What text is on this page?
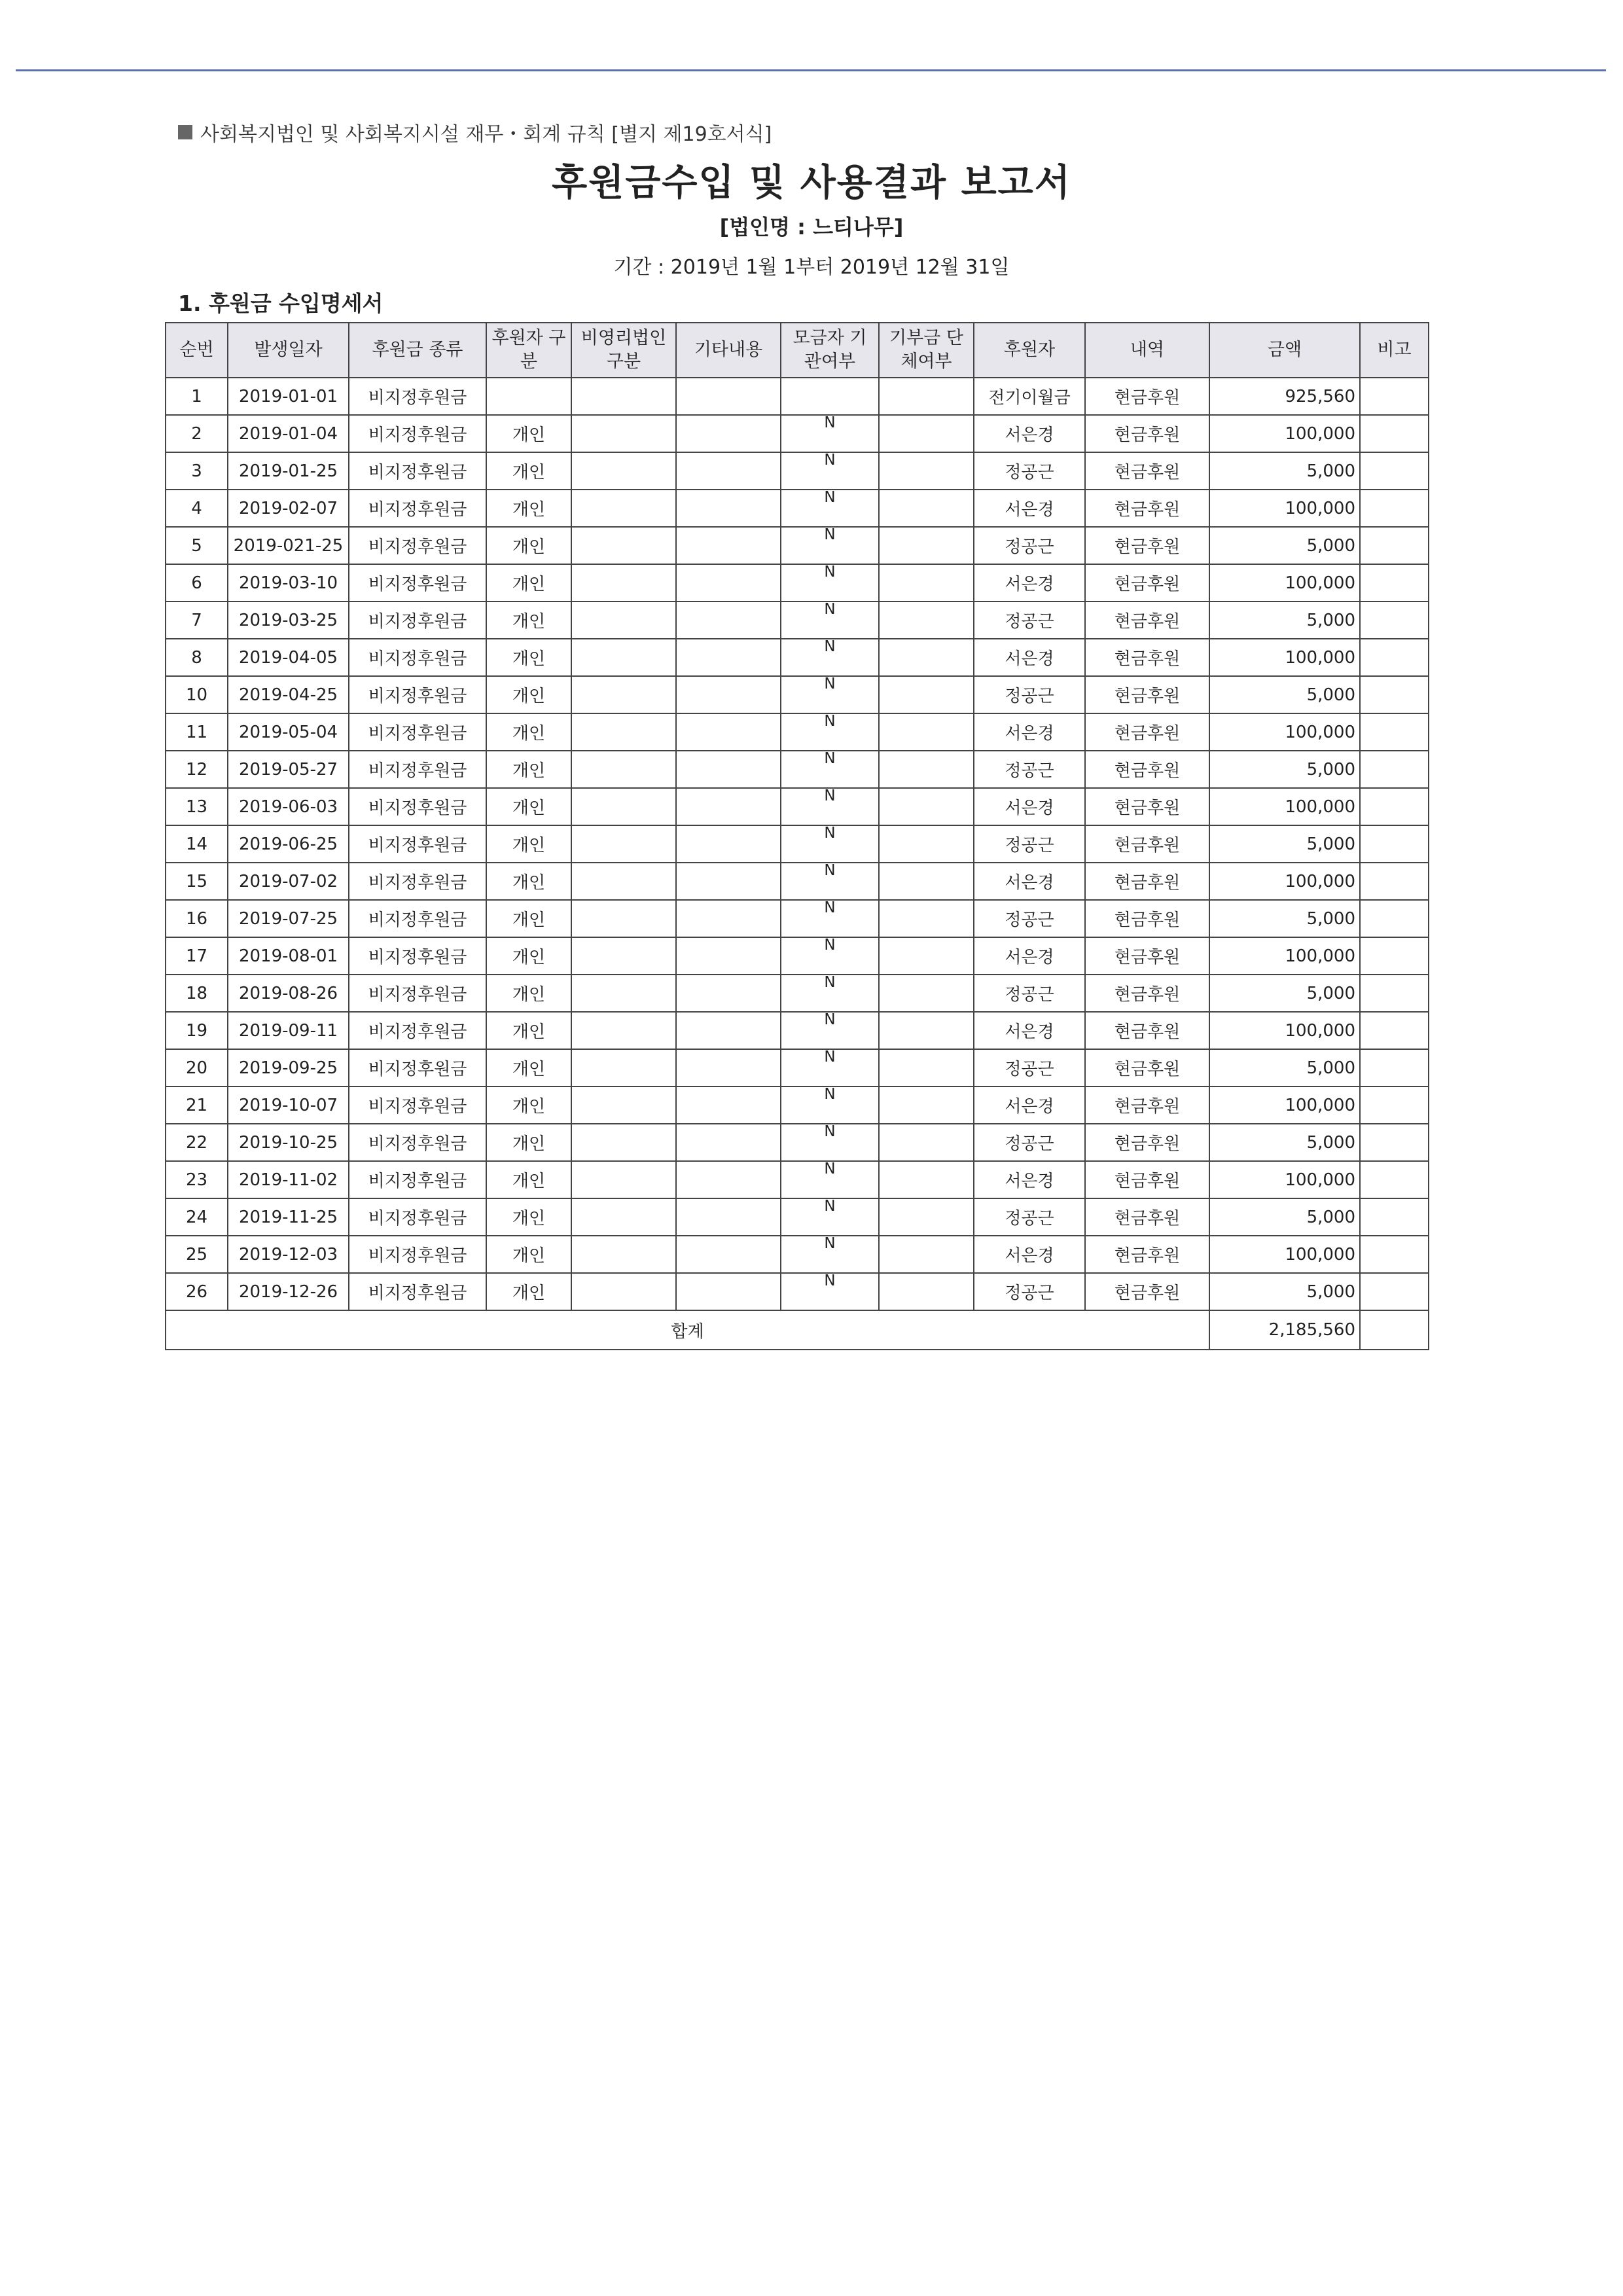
사회복지법인 및 사회복지시설 재무・회계 규칙 [별지 제19호서식]
후원금수입 및 사용결과 보고서
[법인명 : 느티나무]
기간 : 2019년 1월 1부터 2019년 12월 31일
1. 후원금 수입명세서
순번	발생일자	후원금 종류	후원자 구분	비영리법인 구분	기타내용	모금자 기관여부	기부금 단체여부	후원자	내역	금액	비고
1	2019-01-01	비지정후원금						전기이월금	현금후원	925,560	
2	2019-01-04	비지정후원금	개인			N		서은경	현금후원	100,000	
3	2019-01-25	비지정후원금	개인			N		정공근	현금후원	5,000	
4	2019-02-07	비지정후원금	개인			N		서은경	현금후원	100,000	
5	2019-021-25	비지정후원금	개인			N		정공근	현금후원	5,000	
6	2019-03-10	비지정후원금	개인			N		서은경	현금후원	100,000	
7	2019-03-25	비지정후원금	개인			N		정공근	현금후원	5,000	
8	2019-04-05	비지정후원금	개인			N		서은경	현금후원	100,000	
10	2019-04-25	비지정후원금	개인			N		정공근	현금후원	5,000	
11	2019-05-04	비지정후원금	개인			N		서은경	현금후원	100,000	
12	2019-05-27	비지정후원금	개인			N		정공근	현금후원	5,000	
13	2019-06-03	비지정후원금	개인			N		서은경	현금후원	100,000	
14	2019-06-25	비지정후원금	개인			N		정공근	현금후원	5,000	
15	2019-07-02	비지정후원금	개인			N		서은경	현금후원	100,000	
16	2019-07-25	비지정후원금	개인			N		정공근	현금후원	5,000	
17	2019-08-01	비지정후원금	개인			N		서은경	현금후원	100,000	
18	2019-08-26	비지정후원금	개인			N		정공근	현금후원	5,000	
19	2019-09-11	비지정후원금	개인			N		서은경	현금후원	100,000	
20	2019-09-25	비지정후원금	개인			N		정공근	현금후원	5,000	
21	2019-10-07	비지정후원금	개인			N		서은경	현금후원	100,000	
22	2019-10-25	비지정후원금	개인			N		정공근	현금후원	5,000	
23	2019-11-02	비지정후원금	개인			N		서은경	현금후원	100,000	
24	2019-11-25	비지정후원금	개인			N		정공근	현금후원	5,000	
25	2019-12-03	비지정후원금	개인			N		서은경	현금후원	100,000	
26	2019-12-26	비지정후원금	개인			N		정공근	현금후원	5,000	
합계										2,185,560	
